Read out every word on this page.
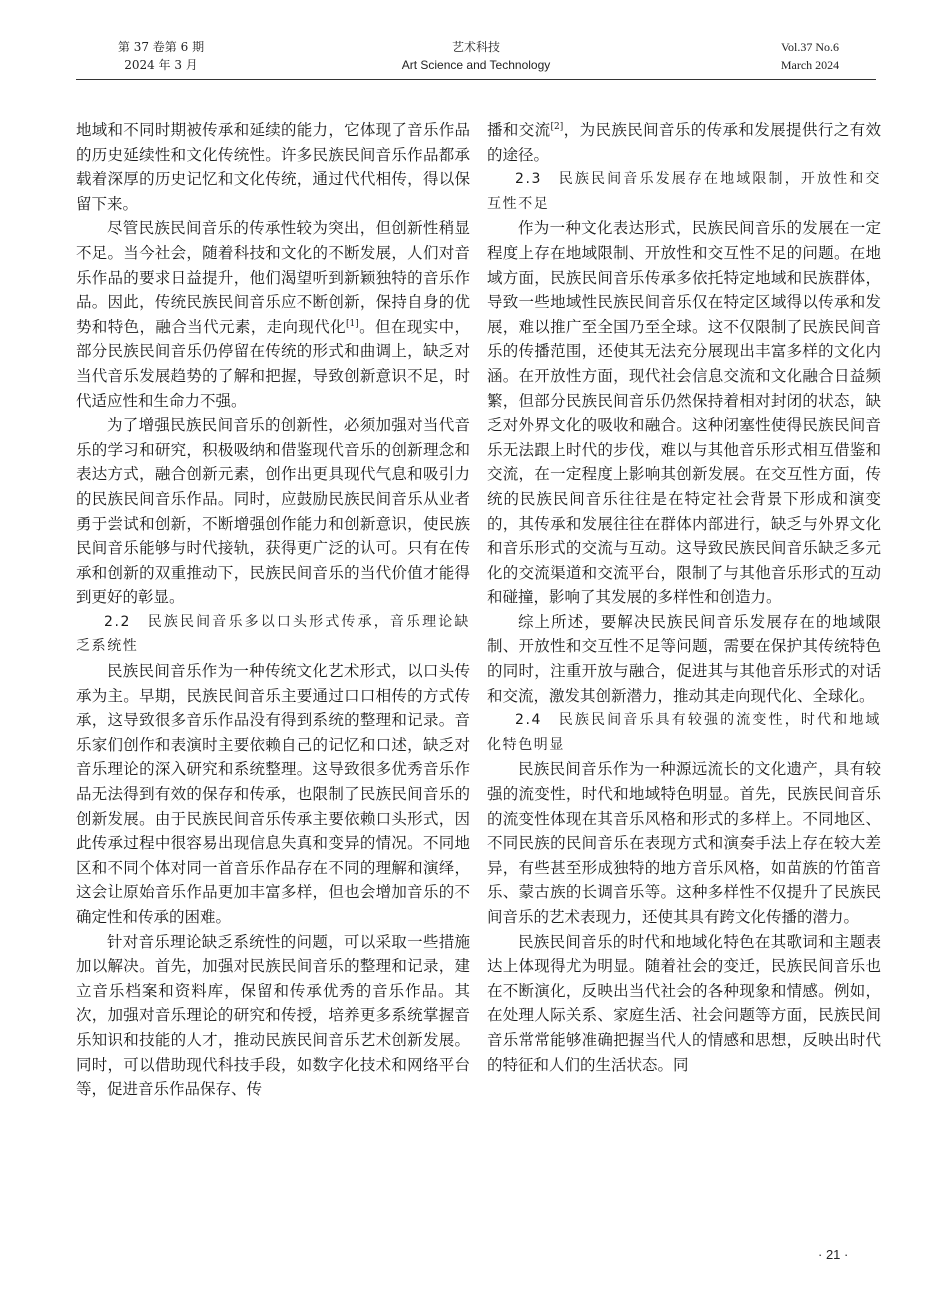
第 37 卷第 6 期
2024 年 3 月
艺术科技
Art Science and Technology
Vol.37 No.6
March 2024

地域和不同时期被传承和延续的能力，它体现了音乐作品的历史延续性和文化传统性。许多民族民间音乐作品都承载着深厚的历史记忆和文化传统，通过代代相传，得以保留下来。

尽管民族民间音乐的传承性较为突出，但创新性稍显不足。当今社会，随着科技和文化的不断发展，人们对音乐作品的要求日益提升，他们渴望听到新颖独特的音乐作品。因此，传统民族民间音乐应不断创新，保持自身的优势和特色，融合当代元素，走向现代化[1]。但在现实中，部分民族民间音乐仍停留在传统的形式和曲调上，缺乏对当代音乐发展趋势的了解和把握，导致创新意识不足，时代适应性和生命力不强。

为了增强民族民间音乐的创新性，必须加强对当代音乐的学习和研究，积极吸纳和借鉴现代音乐的创新理念和表达方式，融合创新元素，创作出更具现代气息和吸引力的民族民间音乐作品。同时，应鼓励民族民间音乐从业者勇于尝试和创新，不断增强创作能力和创新意识，使民族民间音乐能够与时代接轨，获得更广泛的认可。只有在传承和创新的双重推动下，民族民间音乐的当代价值才能得到更好的彰显。

2.2　民族民间音乐多以口头形式传承，音乐理论缺乏系统性

民族民间音乐作为一种传统文化艺术形式，以口头传承为主。早期，民族民间音乐主要通过口口相传的方式传承，这导致很多音乐作品没有得到系统的整理和记录。音乐家们创作和表演时主要依赖自己的记忆和口述，缺乏对音乐理论的深入研究和系统整理。这导致很多优秀音乐作品无法得到有效的保存和传承，也限制了民族民间音乐的创新发展。由于民族民间音乐传承主要依赖口头形式，因此传承过程中很容易出现信息失真和变异的情况。不同地区和不同个体对同一首音乐作品存在不同的理解和演绎，这会让原始音乐作品更加丰富多样，但也会增加音乐的不确定性和传承的困难。

针对音乐理论缺乏系统性的问题，可以采取一些措施加以解决。首先，加强对民族民间音乐的整理和记录，建立音乐档案和资料库，保留和传承优秀的音乐作品。其次，加强对音乐理论的研究和传授，培养更多系统掌握音乐知识和技能的人才，推动民族民间音乐艺术创新发展。同时，可以借助现代科技手段，如数字化技术和网络平台等，促进音乐作品保存、传

播和交流[2]，为民族民间音乐的传承和发展提供行之有效的途径。

2.3　民族民间音乐发展存在地域限制，开放性和交互性不足

作为一种文化表达形式，民族民间音乐的发展在一定程度上存在地域限制、开放性和交互性不足的问题。在地域方面，民族民间音乐传承多依托特定地域和民族群体，导致一些地域性民族民间音乐仅在特定区域得以传承和发展，难以推广至全国乃至全球。这不仅限制了民族民间音乐的传播范围，还使其无法充分展现出丰富多样的文化内涵。在开放性方面，现代社会信息交流和文化融合日益频繁，但部分民族民间音乐仍然保持着相对封闭的状态，缺乏对外界文化的吸收和融合。这种闭塞性使得民族民间音乐无法跟上时代的步伐，难以与其他音乐形式相互借鉴和交流，在一定程度上影响其创新发展。在交互性方面，传统的民族民间音乐往往是在特定社会背景下形成和演变的，其传承和发展往往在群体内部进行，缺乏与外界文化和音乐形式的交流与互动。这导致民族民间音乐缺乏多元化的交流渠道和交流平台，限制了与其他音乐形式的互动和碰撞，影响了其发展的多样性和创造力。

综上所述，要解决民族民间音乐发展存在的地域限制、开放性和交互性不足等问题，需要在保护其传统特色的同时，注重开放与融合，促进其与其他音乐形式的对话和交流，激发其创新潜力，推动其走向现代化、全球化。

2.4　民族民间音乐具有较强的流变性，时代和地域化特色明显

民族民间音乐作为一种源远流长的文化遗产，具有较强的流变性，时代和地域特色明显。首先，民族民间音乐的流变性体现在其音乐风格和形式的多样上。不同地区、不同民族的民间音乐在表现方式和演奏手法上存在较大差异，有些甚至形成独特的地方音乐风格，如苗族的竹笛音乐、蒙古族的长调音乐等。这种多样性不仅提升了民族民间音乐的艺术表现力，还使其具有跨文化传播的潜力。

民族民间音乐的时代和地域化特色在其歌词和主题表达上体现得尤为明显。随着社会的变迁，民族民间音乐也在不断演化，反映出当代社会的各种现象和情感。例如，在处理人际关系、家庭生活、社会问题等方面，民族民间音乐常常能够准确把握当代人的情感和思想，反映出时代的特征和人们的生活状态。同

· 21 ·
